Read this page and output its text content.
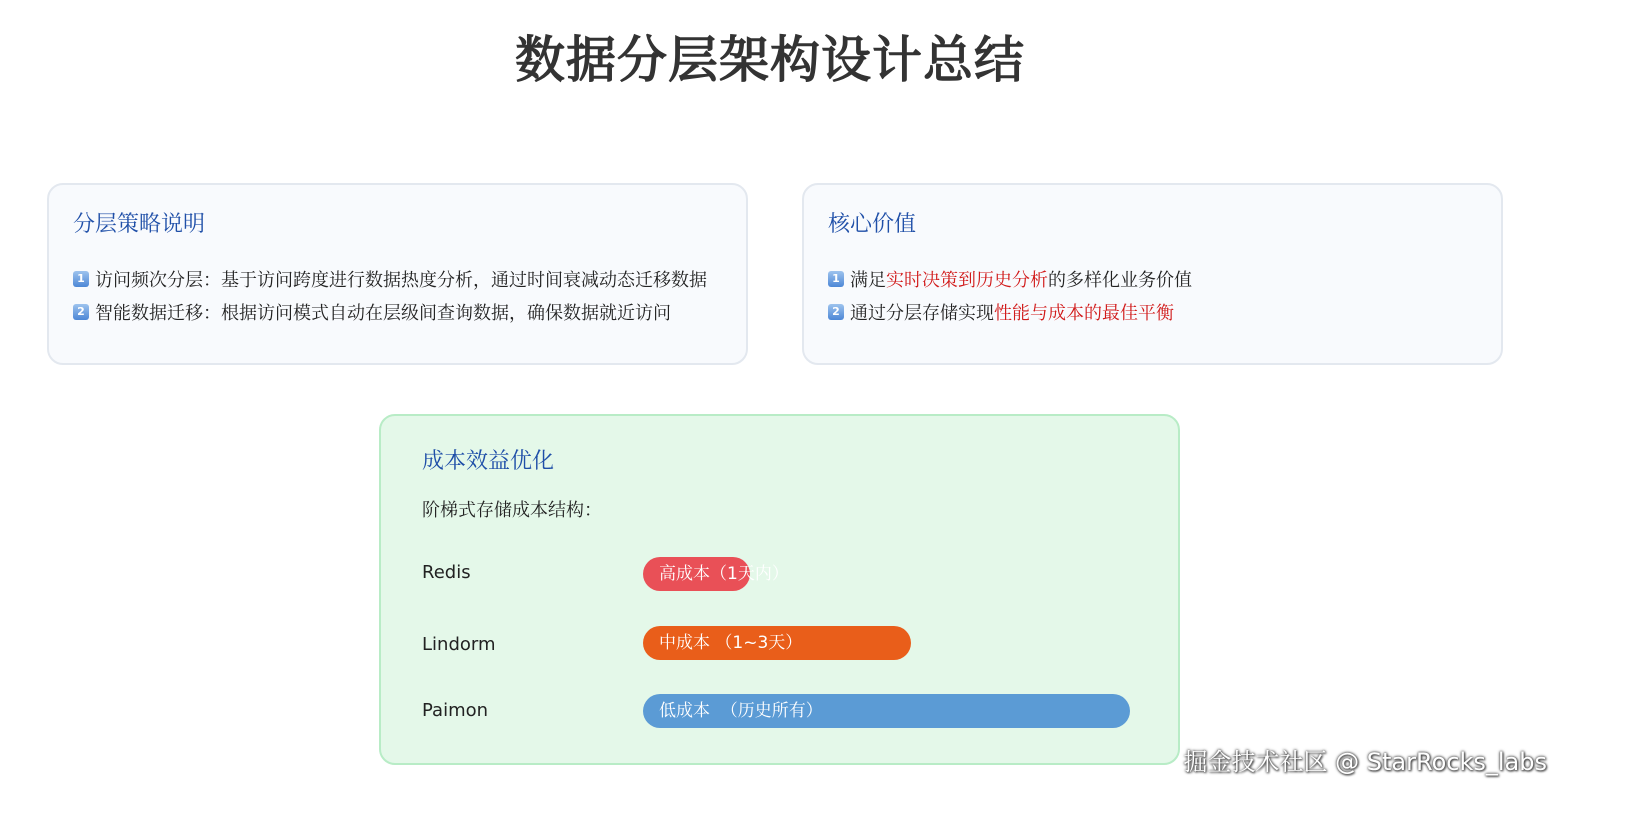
数据分层架构设计总结
分层策略说明
1 访问频次分层：基于访问跨度进行数据热度分析，通过时间衰减动态迁移数据
2 智能数据迁移：根据访问模式自动在层级间查询数据，确保数据就近访问
核心价值
1 满足 实时决策到历史分析 的多样化业务价值
2 通过分层存储实现 性能与成本的最佳平衡
成本效益优化
阶梯式存储成本结构：
Redis	高成本（1天内）
Lindorm	中成本 （1~3天）
Paimon	低成本  （历史所有）
掘金技术社区 @ StarRocks_labs
